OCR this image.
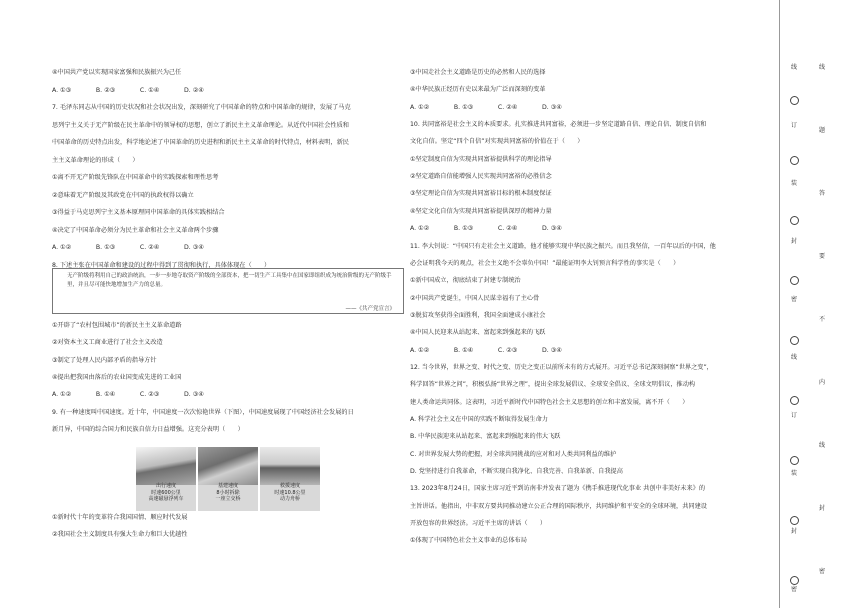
④中国共产党以实现国家富强和民族振兴为己任
A. ①③　　　　B. ②③　　　　C. ①④　　　　D. ②④
7. 毛泽东同志从中国的历史状况和社会状况出发，深刻研究了中国革命的特点和中国革命的规律，发展了马克
思列宁主义关于无产阶级在民主革命中的领导权的思想，创立了新民主主义革命理论。从近代中国社会性质和
中国革命的历史特点出发，科学地论述了中国革命的历史进程和新民主主义革命的时代特点，材料表明，新民
主主义革命理论的形成（　　）
①离不开无产阶级先锋队在中国革命中的实践探索和理性思考
②意味着无产阶级及其政党在中国的执政权得以确立
③得益于马克思列宁主义基本原理同中国革命的具体实践相结合
④决定了中国革命必须分为民主革命和社会主义革命两个步骤
A. ①②　　　　B. ①③　　　　C. ②④　　　　D. ③④
8. 下述主张在中国革命和建设的过程中得到了贯彻和执行，具体体现在（　　）
无产阶级将利用自己的政治统治，一步一步地夺取资产阶级的全部资本，把一切生产工具集中在国家即组织成为统治阶级的无产阶级手里，并且尽可能快地增加生产力的总量。
——《共产党宣言》
①开辟了“农村包围城市”的新民主主义革命道路
②对资本主义工商业进行了社会主义改造
③制定了处理人民内部矛盾的指导方针
④提出把我国由落后的农业国变成先进的工业国
A. ①②　　　　B. ①④　　　　C. ②③　　　　D. ③④
9. 有一种速度叫中国速度。近十年，中国速度一次次惊艳世界（下图），中国速度展现了中国经济社会发展的日
新月异，中国的综合国力和民族自信力日益增强。这充分表明（　　）
出行速度
时速600公里
高速磁悬浮列车
基建速度
8小时拆除
一座立交桥
救援速度
时速10.8公里
动力舟桥
①新时代十年的变革符合我国国情、顺应时代发展
②我国社会主义制度具有强大生命力和巨大优越性
③中国走社会主义道路是历史的必然和人民的选择
④中华民族正经历有史以来最为广泛而深刻的变革
A. ①②　　　　B. ①③　　　　C. ②④　　　　D. ③④
10. 共同富裕是社会主义的本质要求。扎实推进共同富裕，必须进一步坚定道路自信、理论自信、制度自信和
文化自信。坚定“四个自信”对实现共同富裕的价值在于（　　）
①坚定制度自信为实现共同富裕提供科学的理论指导
②坚定道路自信能增强人民实现共同富裕的必胜信念
③坚定理论自信为实现共同富裕目标的根本制度保证
④坚定文化自信为实现共同富裕提供深厚的精神力量
A. ①②　　　　B. ①③　　　　C. ②④　　　　D. ③④
11. 李大钊说：“中国只有走社会主义道路，他才能够实现中华民族之振兴。而且我坚信，一百年以后的中国，他
必会证明我今天的观点，社会主义绝不会辜负中国！”最能证明李大钊预言科学性的事实是（　　）
①新中国成立，彻底结束了封建专制统治
②中国共产党诞生，中国人民谋幸福有了主心骨
③脱贫攻坚获得全面胜利，我国全面建成小康社会
④中国人民迎来从站起来、富起来到强起来的飞跃
A. ①②　　　　B. ①④　　　　C. ②③　　　　D. ③④
12. 当今世界，世界之变、时代之变、历史之变正以前所未有的方式展开。习近平总书记深刻洞察“世界之变”，
科学回答“世界之问”，积极弘扬“世界之理”，提出全球发展倡议、全球安全倡议、全球文明倡议，推动构
建人类命运共同体。这表明，习近平新时代中国特色社会主义思想的创立和丰富发展，离不开（　　）
A. 科学社会主义在中国的实践不断取得发展生命力
B. 中华民族迎来从站起来、富起来到强起来的伟大飞跃
C. 对世界发展大势的把握，对全球共同挑战的应对和对人类共同利益的维护
D. 党坚持进行自我革命，不断实现自我净化、自我完善、自我革新、自我提高
13. 2023年8月24日，国家主席习近平到访南非并发表了题为《携手推进现代化事业 共创中非美好未来》的
主旨讲话。他指出，中非双方要共同推动建立公正合理的国际秩序，共同维护和平安全的全球环境，共同建设
开放包容的世界经济。习近平主席的讲话（　　）
①体现了中国特色社会主义事业的总体布局
线
题
答
要
不
内
线
封
密
线
订
装
封
密
线
订
装
封
密
